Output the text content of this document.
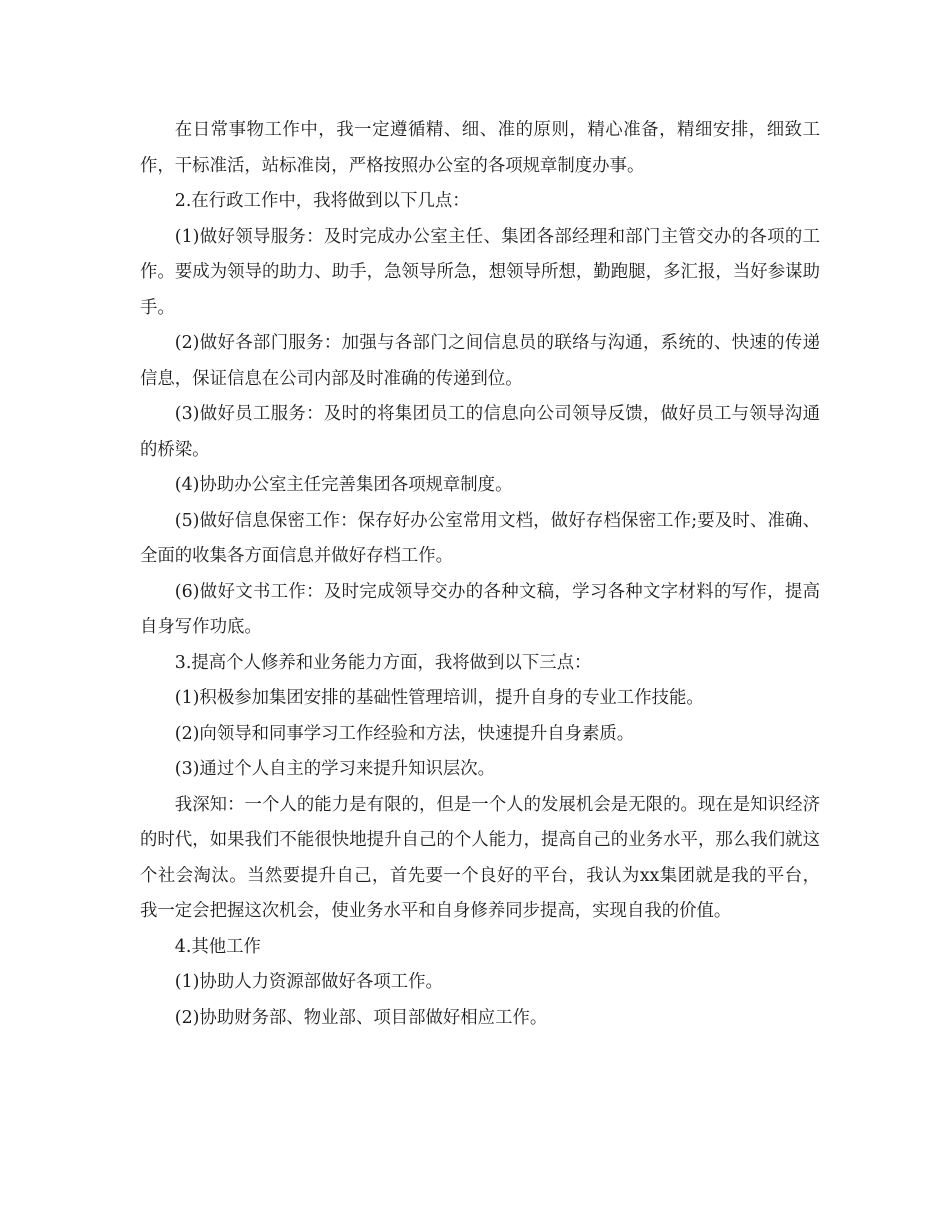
在日常事物工作中，我一定遵循精、细、准的原则，精心准备，精细安排，细致工作，干标准活，站标准岗，严格按照办公室的各项规章制度办事。

2.在行政工作中，我将做到以下几点：

(1)做好领导服务：及时完成办公室主任、集团各部经理和部门主管交办的各项的工作。要成为领导的助力、助手，急领导所急，想领导所想，勤跑腿，多汇报，当好参谋助手。

(2)做好各部门服务：加强与各部门之间信息员的联络与沟通，系统的、快速的传递信息，保证信息在公司内部及时准确的传递到位。

(3)做好员工服务：及时的将集团员工的信息向公司领导反馈，做好员工与领导沟通的桥梁。

(4)协助办公室主任完善集团各项规章制度。

(5)做好信息保密工作：保存好办公室常用文档，做好存档保密工作;要及时、准确、全面的收集各方面信息并做好存档工作。

(6)做好文书工作：及时完成领导交办的各种文稿，学习各种文字材料的写作，提高自身写作功底。

3.提高个人修养和业务能力方面，我将做到以下三点：

(1)积极参加集团安排的基础性管理培训，提升自身的专业工作技能。

(2)向领导和同事学习工作经验和方法，快速提升自身素质。

(3)通过个人自主的学习来提升知识层次。

我深知：一个人的能力是有限的，但是一个人的发展机会是无限的。现在是知识经济的时代，如果我们不能很快地提升自己的个人能力，提高自己的业务水平，那么我们就这个社会淘汰。当然要提升自己，首先要一个良好的平台，我认为xx集团就是我的平台，我一定会把握这次机会，使业务水平和自身修养同步提高，实现自我的价值。

4.其他工作

(1)协助人力资源部做好各项工作。

(2)协助财务部、物业部、项目部做好相应工作。
